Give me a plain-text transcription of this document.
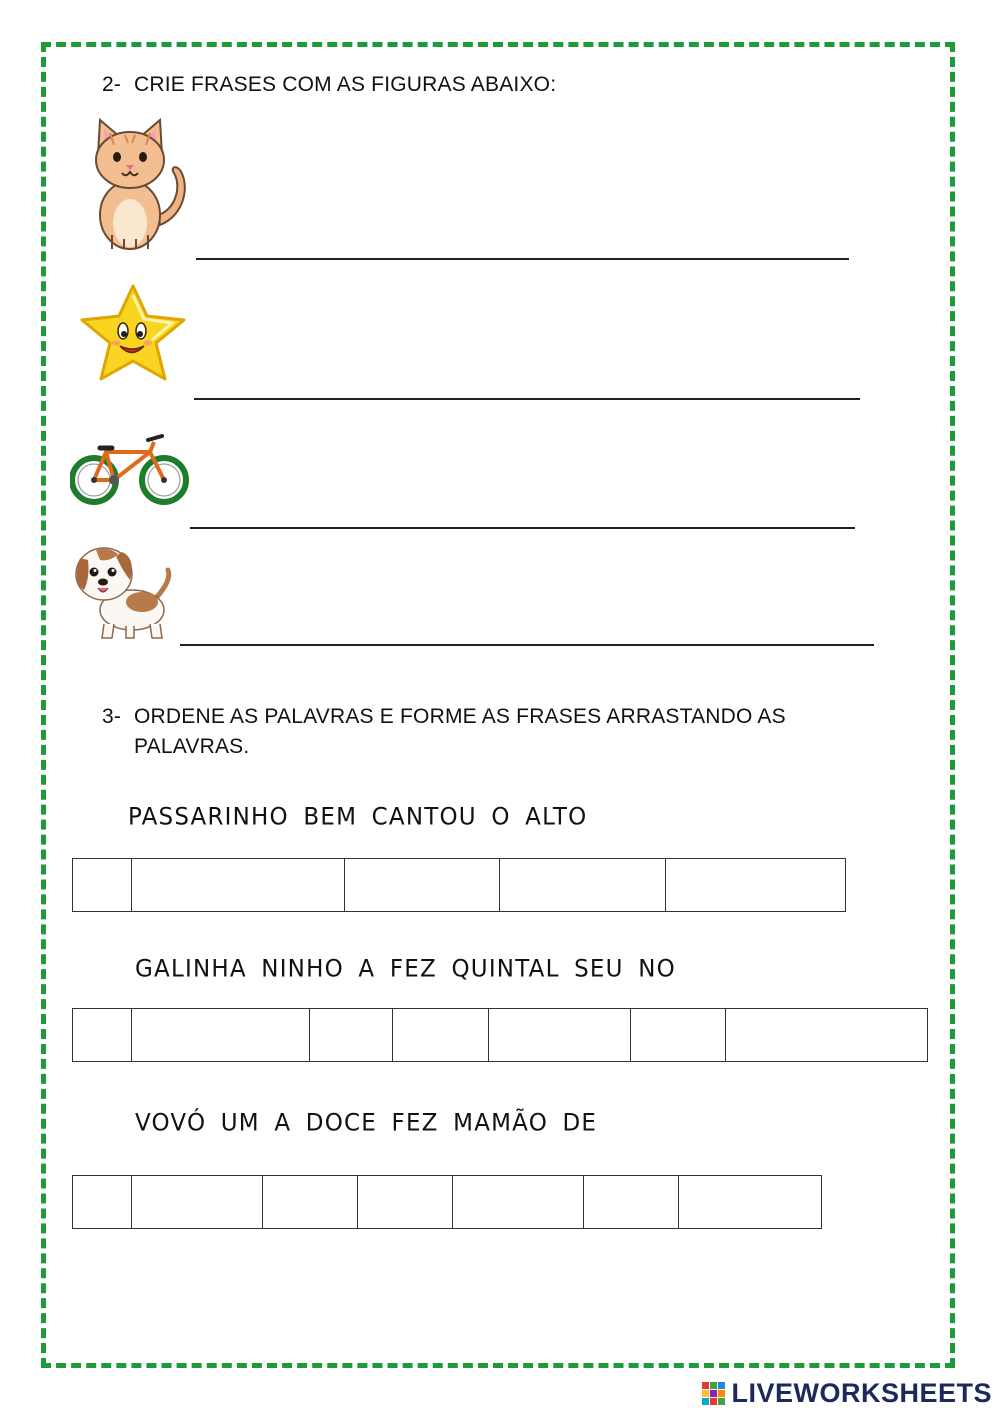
2- CRIE FRASES COM AS FIGURAS ABAIXO:
3- ORDENE AS PALAVRAS E FORME AS FRASES ARRASTANDO AS
PALAVRAS.
PASSARINHO BEM CANTOU O ALTO
GALINHA NINHO A FEZ QUINTAL SEU NO
VOVÓ UM A DOCE FEZ MAMÃO DE
LIVEWORKSHEETS
